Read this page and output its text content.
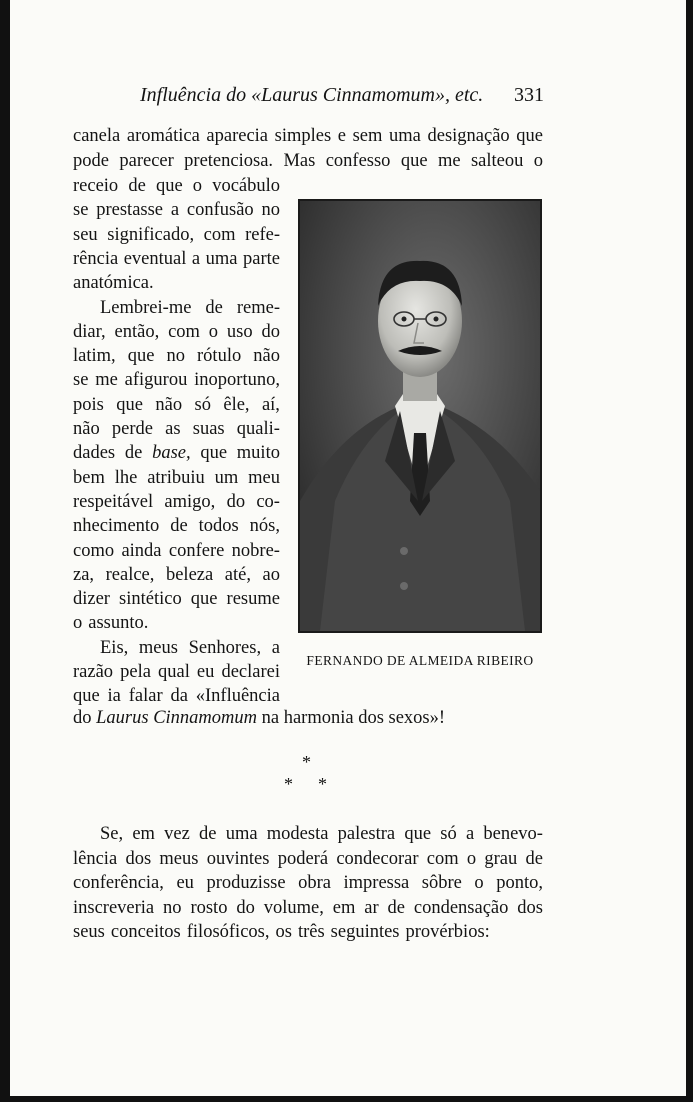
Influência do «Laurus Cinnamomum», etc.	331
canela aromática aparecia simples e sem uma designação que
pode parecer pretenciosa. Mas confesso que me salteou o
receio de que o vocábulo
se prestasse a confusão no
seu significado, com refe-
rência eventual a uma parte
anatómica.
Lembrei-me de reme-
diar, então, com o uso do
latim, que no rótulo não
se me afigurou inoportuno,
pois que não só êle, aí,
não perde as suas quali-
dades de base, que muito
bem lhe atribuiu um meu
respeitável amigo, do co-
nhecimento de todos nós,
como ainda confere nobre-
za, realce, beleza até, ao
dizer sintético que resume
o assunto.
Eis, meus Senhores, a
razão pela qual eu declarei
que ia falar da «Influência
do Laurus Cinnamomum na harmonia dos sexos»!
FERNANDO DE ALMEIDA RIBEIRO
*
* *
Se, em vez de uma modesta palestra que só a benevo-
lência dos meus ouvintes poderá condecorar com o grau de
conferência, eu produzisse obra impressa sôbre o ponto,
inscreveria no rosto do volume, em ar de condensação dos
seus conceitos filosóficos, os três seguintes provérbios:
